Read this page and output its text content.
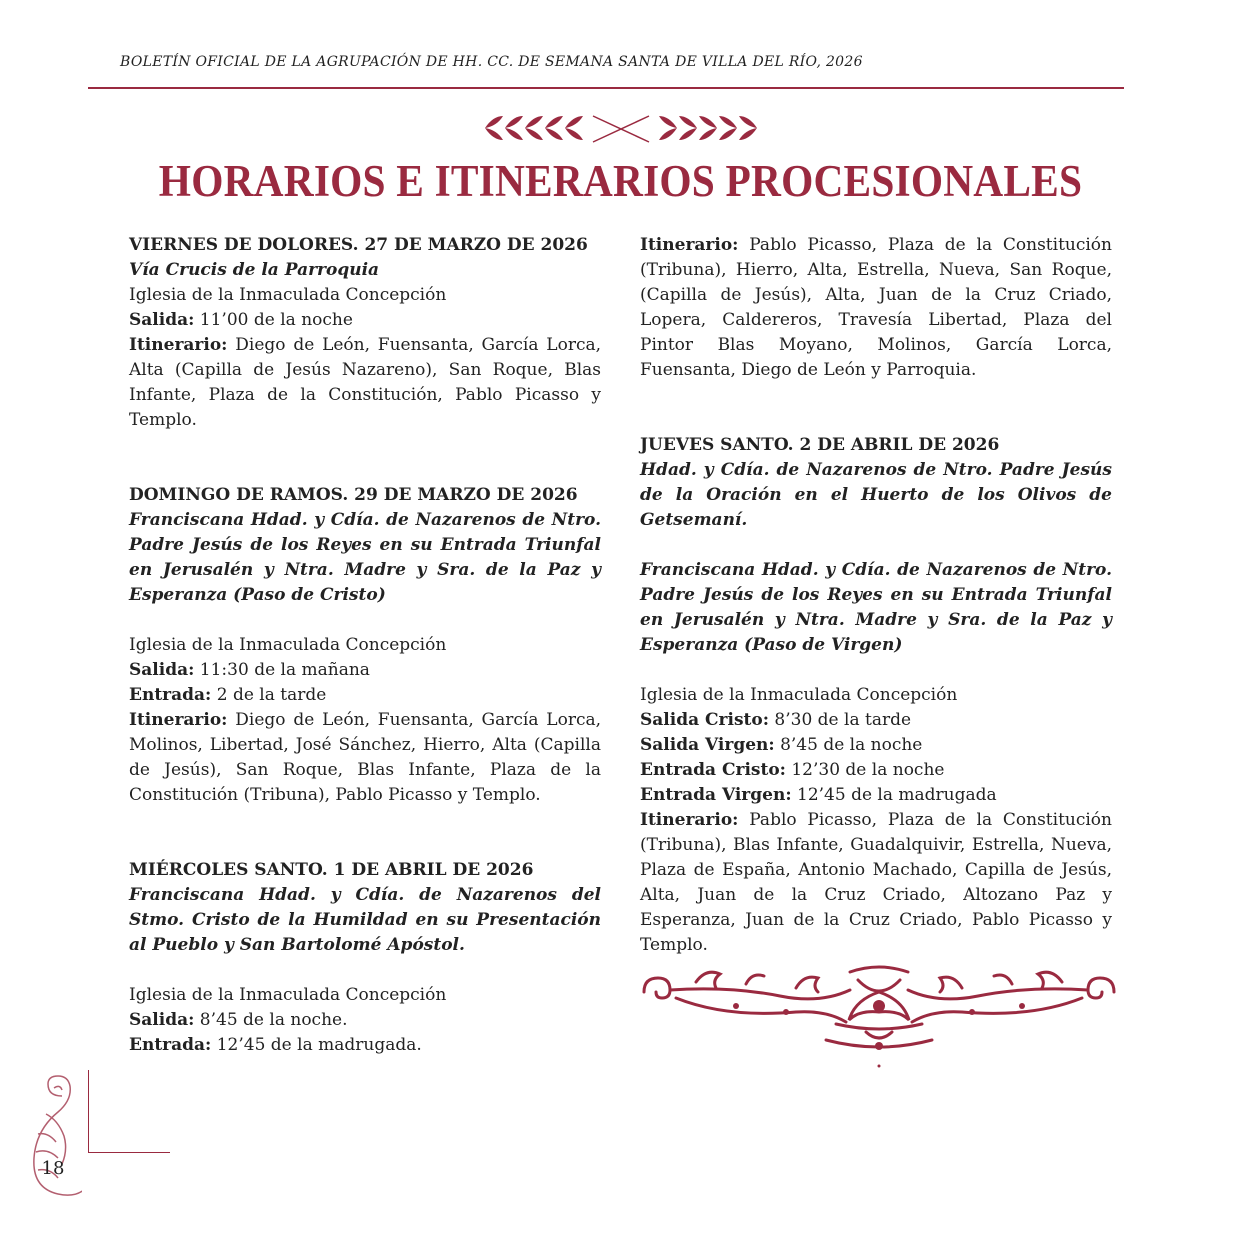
BOLETÍN OFICIAL DE LA AGRUPACIÓN DE HH. CC. DE SEMANA SANTA DE VILLA DEL RÍO, 2026
HORARIOS E ITINERARIOS PROCESIONALES
VIERNES DE DOLORES. 27 DE MARZO DE 2026
Vía Crucis de la Parroquia

Iglesia de la Inmaculada Concepción

Salida: 11’00 de la noche

Itinerario: Diego de León, Fuensanta, García Lorca, Alta (Capilla de Jesús Nazareno), San Roque, Blas Infante, Plaza de la Constitución, Pablo Picasso y Templo.

DOMINGO DE RAMOS. 29 DE MARZO DE 2026

Franciscana Hdad. y Cdía. de Nazarenos de Ntro. Padre Jesús de los Reyes en su Entrada Triunfal en Jerusalén y Ntra. Madre y Sra. de la Paz y Esperanza (Paso de Cristo)

Iglesia de la Inmaculada Concepción

Salida: 11:30 de la mañana

Entrada: 2 de la tarde

Itinerario: Diego de León, Fuensanta, García Lorca, Molinos, Libertad, José Sánchez, Hierro, Alta (Capilla de Jesús), San Roque, Blas Infante, Plaza de la Constitución (Tribuna), Pablo Picasso y Templo.

MIÉRCOLES SANTO. 1 DE ABRIL DE 2026

Franciscana Hdad. y Cdía. de Nazarenos del Stmo. Cristo de la Humildad en su Presentación al Pueblo y San Bartolomé Apóstol.

Iglesia de la Inmaculada Concepción

Salida: 8’45 de la noche.

Entrada: 12’45 de la madrugada.

Itinerario: Pablo Picasso, Plaza de la Constitución (Tribuna), Hierro, Alta, Estrella, Nueva, San Roque, (Capilla de Jesús), Alta, Juan de la Cruz Criado, Lopera, Caldereros, Travesía Libertad, Plaza del Pintor Blas Moyano, Molinos, García Lorca, Fuensanta, Diego de León y Parroquia.

JUEVES SANTO. 2 DE ABRIL DE 2026

Hdad. y Cdía. de Nazarenos de Ntro. Padre Jesús de la Oración en el Huerto de los Olivos de Getsemaní.

Franciscana Hdad. y Cdía. de Nazarenos de Ntro. Padre Jesús de los Reyes en su Entrada Triunfal en Jerusalén y Ntra. Madre y Sra. de la Paz y Esperanza (Paso de Virgen)

Iglesia de la Inmaculada Concepción

Salida Cristo: 8’30 de la tarde

Salida Virgen: 8’45 de la noche

Entrada Cristo: 12’30 de la noche

Entrada Virgen: 12’45 de la madrugada

Itinerario: Pablo Picasso, Plaza de la Constitución (Tribuna), Blas Infante, Guadalquivir, Estrella, Nueva, Plaza de España, Antonio Machado, Capilla de Jesús, Alta, Juan de la Cruz Criado, Altozano Paz y Esperanza, Juan de la Cruz Criado, Pablo Picasso y Templo.

18
